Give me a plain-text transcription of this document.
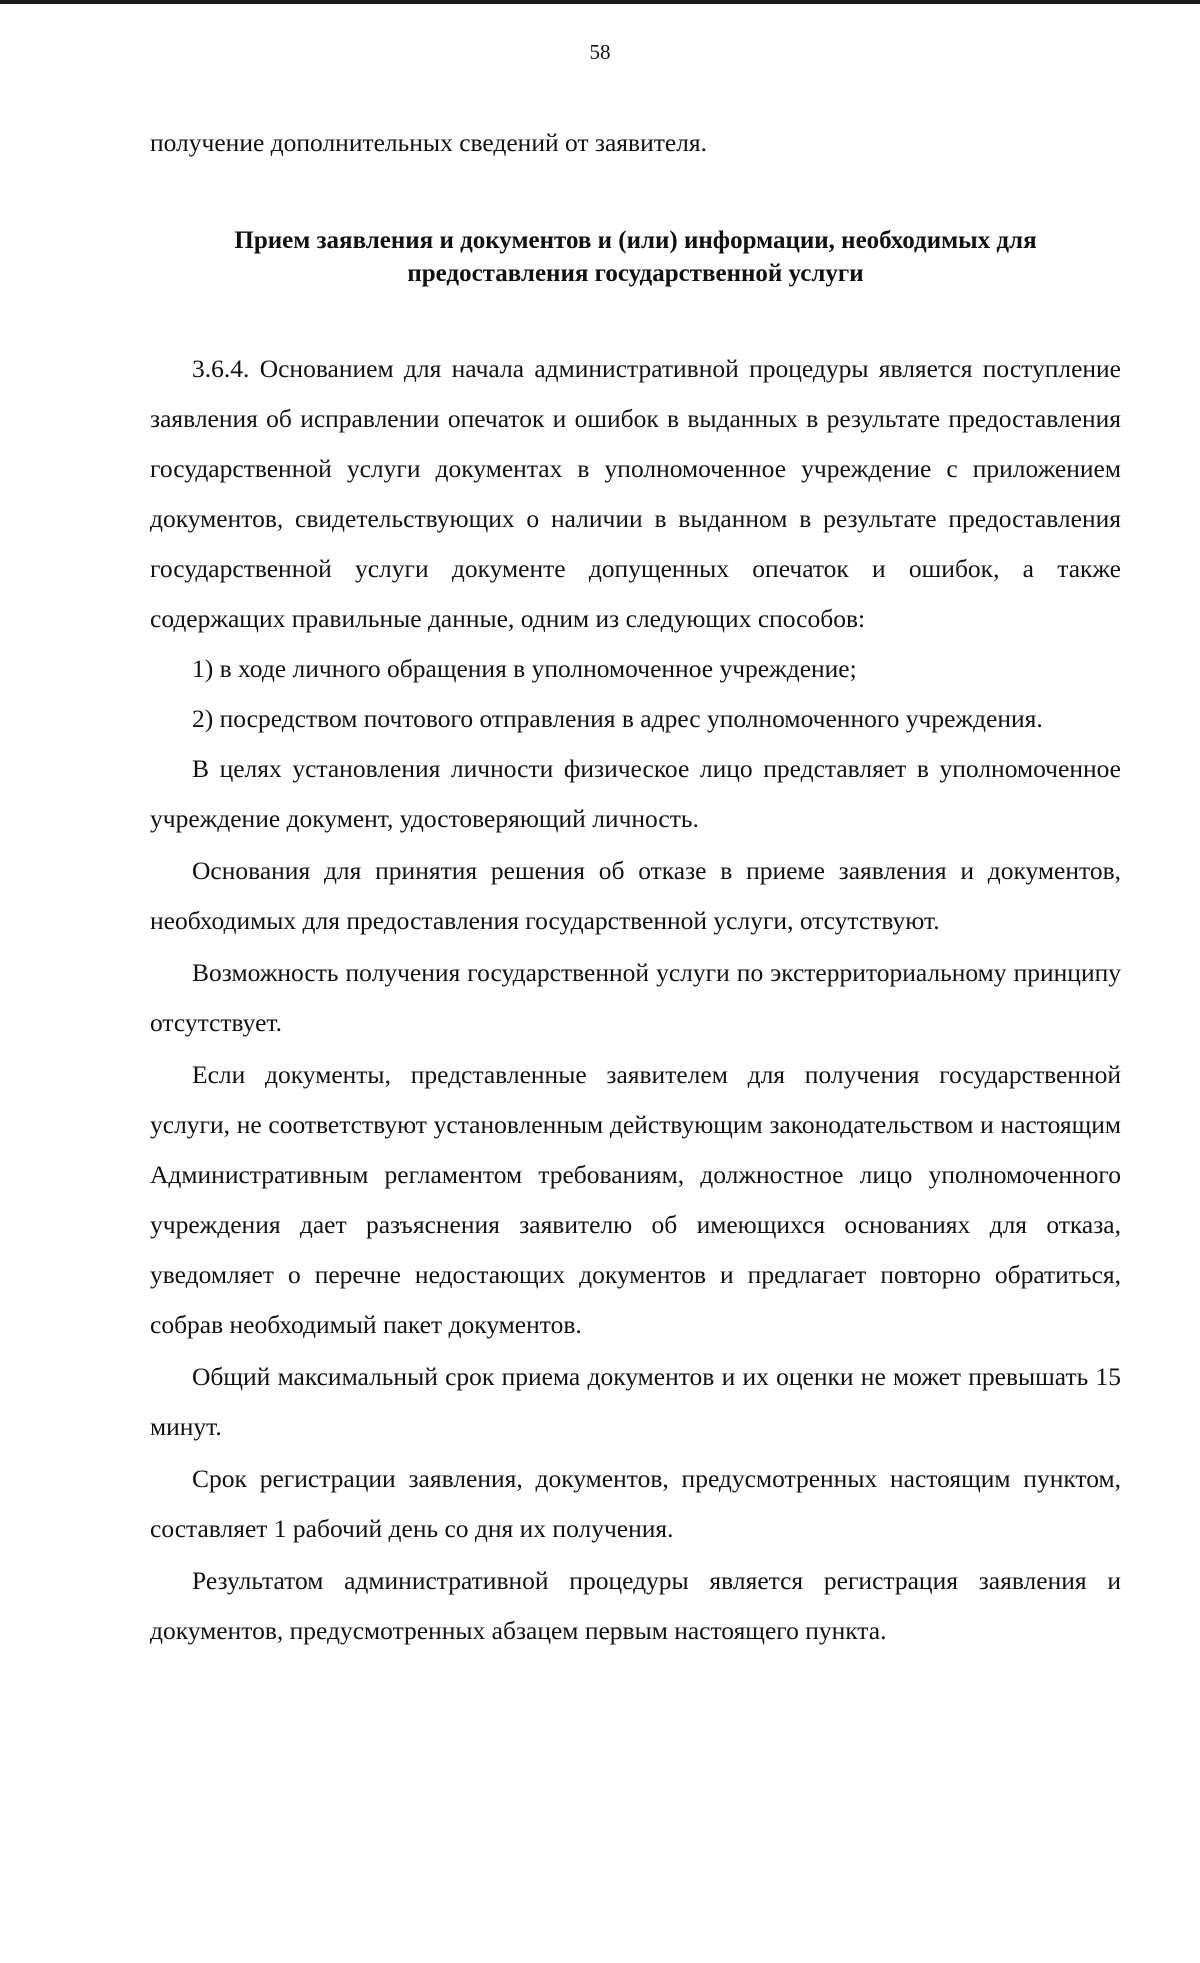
58

получение дополнительных сведений от заявителя.

Прием заявления и документов и (или) информации, необходимых для предоставления государственной услуги

3.6.4. Основанием для начала административной процедуры является поступление заявления об исправлении опечаток и ошибок в выданных в результате предоставления государственной услуги документах в уполномоченное учреждение с приложением документов, свидетельствующих о наличии в выданном в результате предоставления государственной услуги документе допущенных опечаток и ошибок, а также содержащих правильные данные, одним из следующих способов:

1) в ходе личного обращения в уполномоченное учреждение;

2) посредством почтового отправления в адрес уполномоченного учреждения.

В целях установления личности физическое лицо представляет в уполномоченное учреждение документ, удостоверяющий личность.

Основания для принятия решения об отказе в приеме заявления и документов, необходимых для предоставления государственной услуги, отсутствуют.

Возможность получения государственной услуги по экстерриториальному принципу отсутствует.

Если документы, представленные заявителем для получения государственной услуги, не соответствуют установленным действующим законодательством и настоящим Административным регламентом требованиям, должностное лицо уполномоченного учреждения дает разъяснения заявителю об имеющихся основаниях для отказа, уведомляет о перечне недостающих документов и предлагает повторно обратиться, собрав необходимый пакет документов.

Общий максимальный срок приема документов и их оценки не может превышать 15 минут.

Срок регистрации заявления, документов, предусмотренных настоящим пунктом, составляет 1 рабочий день со дня их получения.

Результатом административной процедуры является регистрация заявления и документов, предусмотренных абзацем первым настоящего пункта.
